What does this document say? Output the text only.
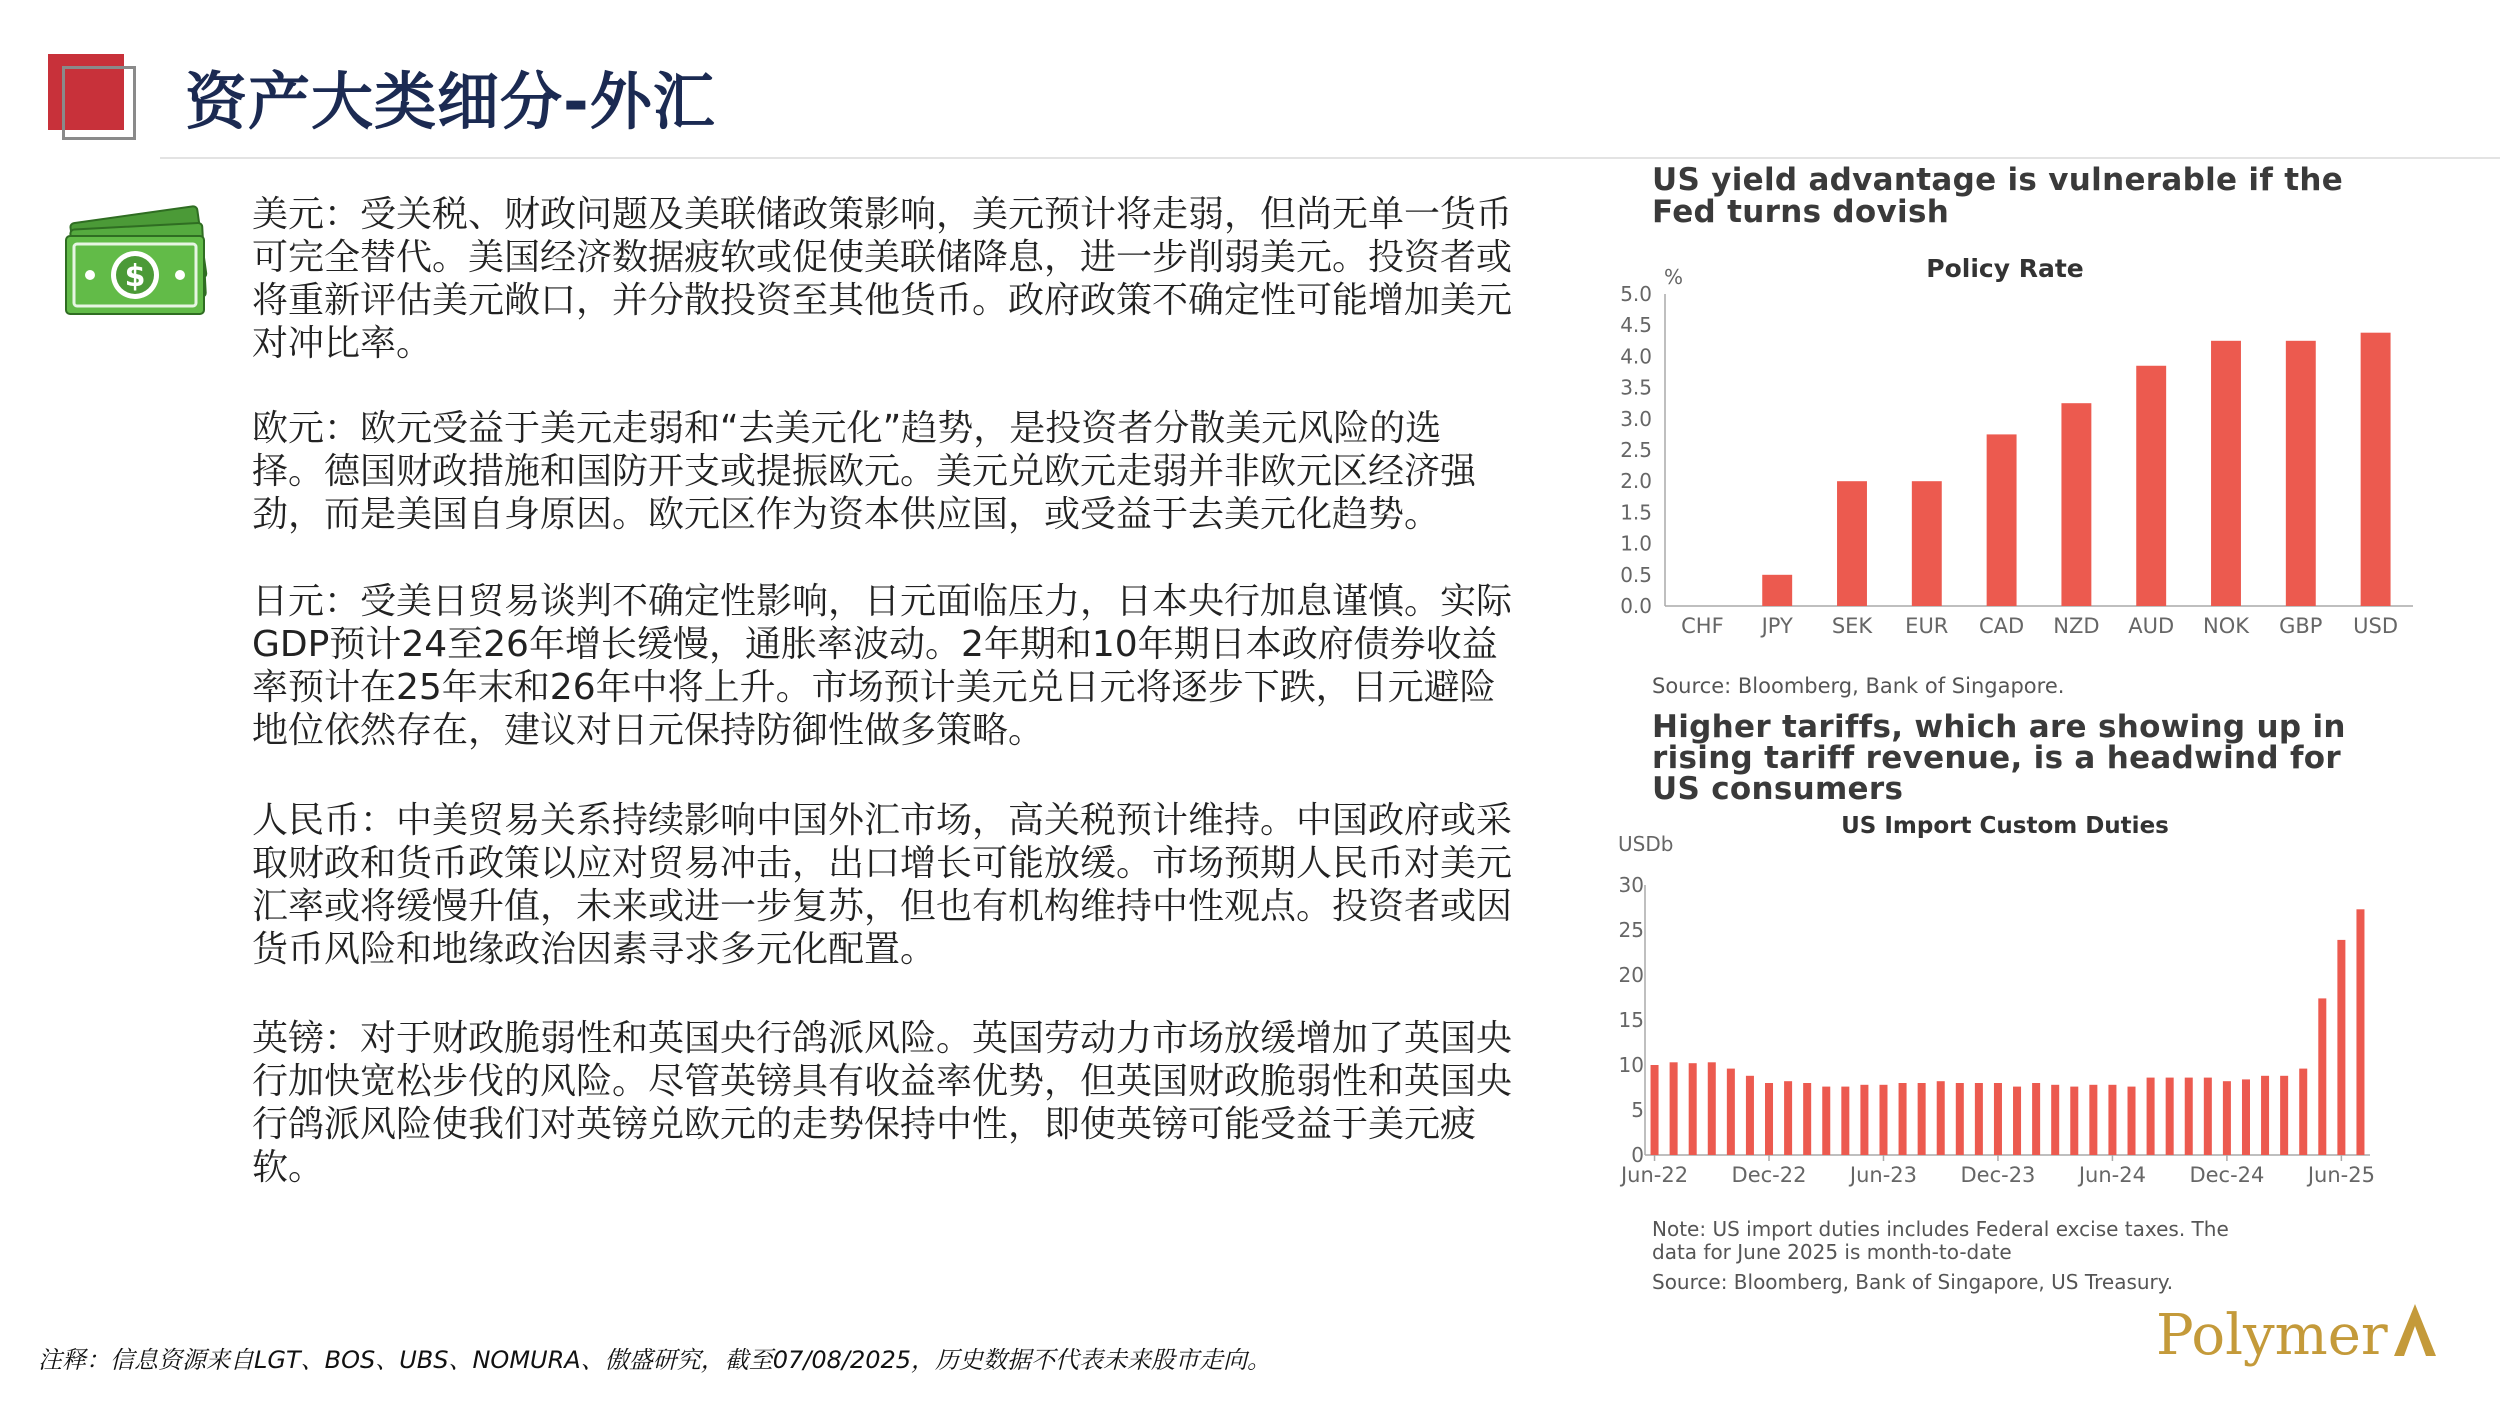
资产大类细分-外汇
$
美元：受关税、财政问题及美联储政策影响，美元预计将走弱，但尚无单一货币可完全替代。美国经济数据疲软或促使美联储降息，进一步削弱美元。投资者或将重新评估美元敞口，并分散投资至其他货币。政府政策不确定性可能增加美元对冲比率。
欧元：欧元受益于美元走弱和“去美元化”趋势，是投资者分散美元风险的选择。德国财政措施和国防开支或提振欧元。美元兑欧元走弱并非欧元区经济强劲，而是美国自身原因。欧元区作为资本供应国，或受益于去美元化趋势。
日元：受美日贸易谈判不确定性影响，日元面临压力，日本央行加息谨慎。实际GDP预计24至26年增长缓慢，通胀率波动。2年期和10年期日本政府债券收益率预计在25年末和26年中将上升。市场预计美元兑日元将逐步下跌，日元避险地位依然存在，建议对日元保持防御性做多策略。
人民币：中美贸易关系持续影响中国外汇市场，高关税预计维持。中国政府或采取财政和货币政策以应对贸易冲击，出口增长可能放缓。市场预期人民币对美元汇率或将缓慢升值，未来或进一步复苏，但也有机构维持中性观点。投资者或因货币风险和地缘政治因素寻求多元化配置。
英镑：对于财政脆弱性和英国央行鸽派风险。英国劳动力市场放缓增加了英国央行加快宽松步伐的风险。尽管英镑具有收益率优势，但英国财政脆弱性和英国央行鸽派风险使我们对英镑兑欧元的走势保持中性，即使英镑可能受益于美元疲软。
US yield advantage is vulnerable if the
Fed turns dovish
Policy Rate
%
0.0
0.5
1.0
1.5
2.0
2.5
3.0
3.5
4.0
4.5
5.0
CHF JPY SEK EUR CAD NZD AUD NOK GBP USD
Source: Bloomberg, Bank of Singapore.
Higher tariffs, which are showing up in
rising tariff revenue, is a headwind for
US consumers
US Import Custom Duties
USDb
0
5
10
15
20
25
30
Jun-22 Dec-22 Jun-23 Dec-23 Jun-24 Dec-24 Jun-25
Note: US import duties includes Federal excise taxes. The
data for June 2025 is month-to-date
Source: Bloomberg, Bank of Singapore, US Treasury.
注释：信息资源来自LGT、BOS、UBS、NOMURA、傲盛研究，截至07/08/2025，历史数据不代表未来股市走向。	Polymer
